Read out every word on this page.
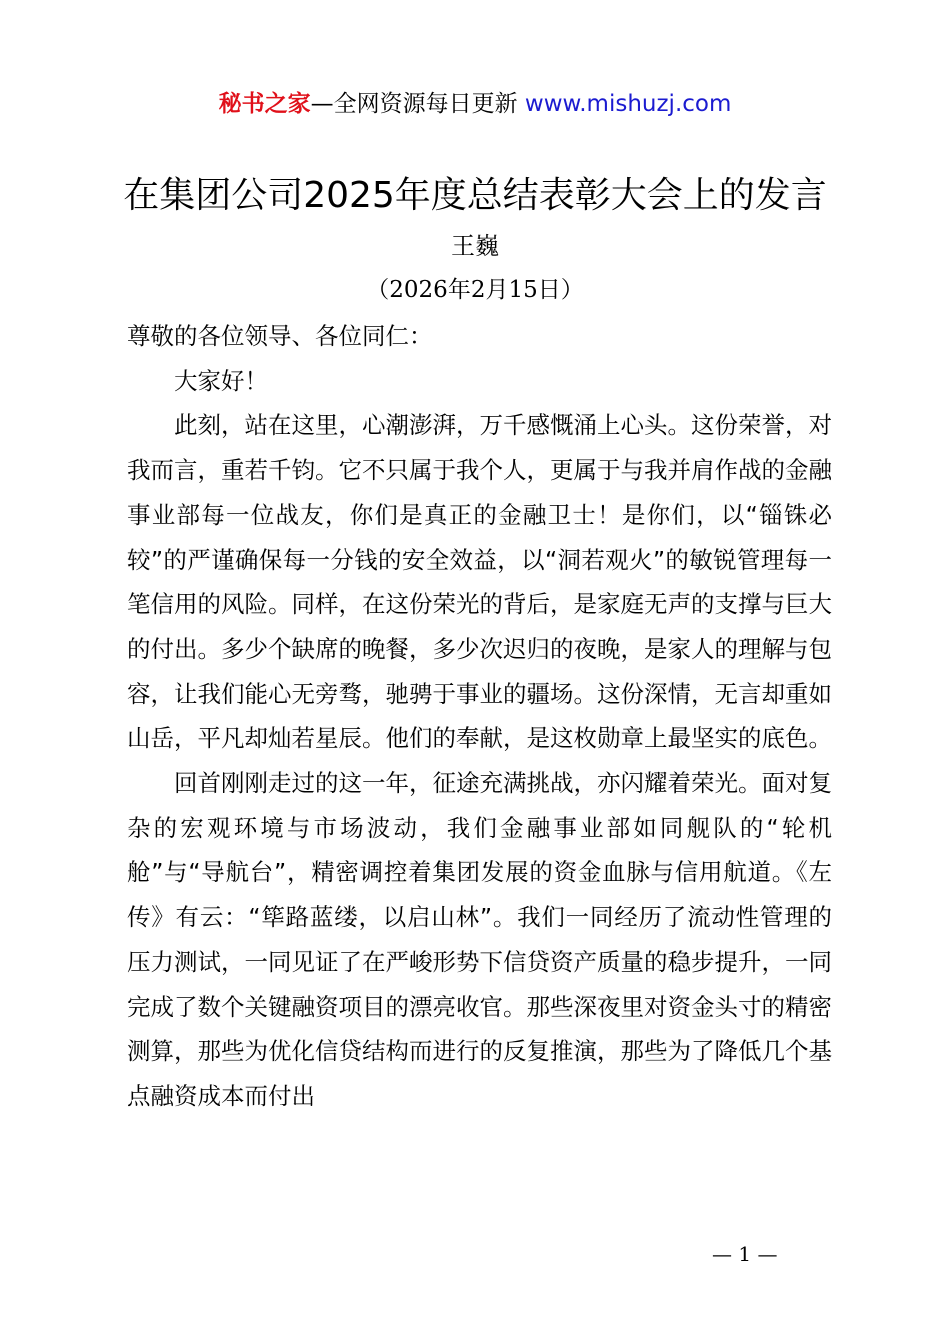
秘书之家—全网资源每日更新 www.mishuzj.com
在集团公司2025年度总结表彰大会上的发言
王巍
（2026年2月15日）

尊敬的各位领导、各位同仁：

大家好！

此刻，站在这里，心潮澎湃，万千感慨涌上心头。这份荣誉，对我而言，重若千钧。它不只属于我个人，更属于与我并肩作战的金融事业部每一位战友，你们是真正的金融卫士！是你们，以“锱铢必较”的严谨确保每一分钱的安全效益，以“洞若观火”的敏锐管理每一笔信用的风险。同样，在这份荣光的背后，是家庭无声的支撑与巨大的付出。多少个缺席的晚餐，多少次迟归的夜晚，是家人的理解与包容，让我们能心无旁骛，驰骋于事业的疆场。这份深情，无言却重如山岳，平凡却灿若星辰。他们的奉献，是这枚勋章上最坚实的底色。

回首刚刚走过的这一年，征途充满挑战，亦闪耀着荣光。面对复杂的宏观环境与市场波动，我们金融事业部如同舰队的“轮机舱”与“导航台”，精密调控着集团发展的资金血脉与信用航道。《左传》有云：“筚路蓝缕，以启山林”。我们一同经历了流动性管理的压力测试，一同见证了在严峻形势下信贷资产质量的稳步提升，一同完成了数个关键融资项目的漂亮收官。那些深夜里对资金头寸的精密测算，那些为优化信贷结构而进行的反复推演，那些为了降低几个基点融资成本而付出

— 1 —
